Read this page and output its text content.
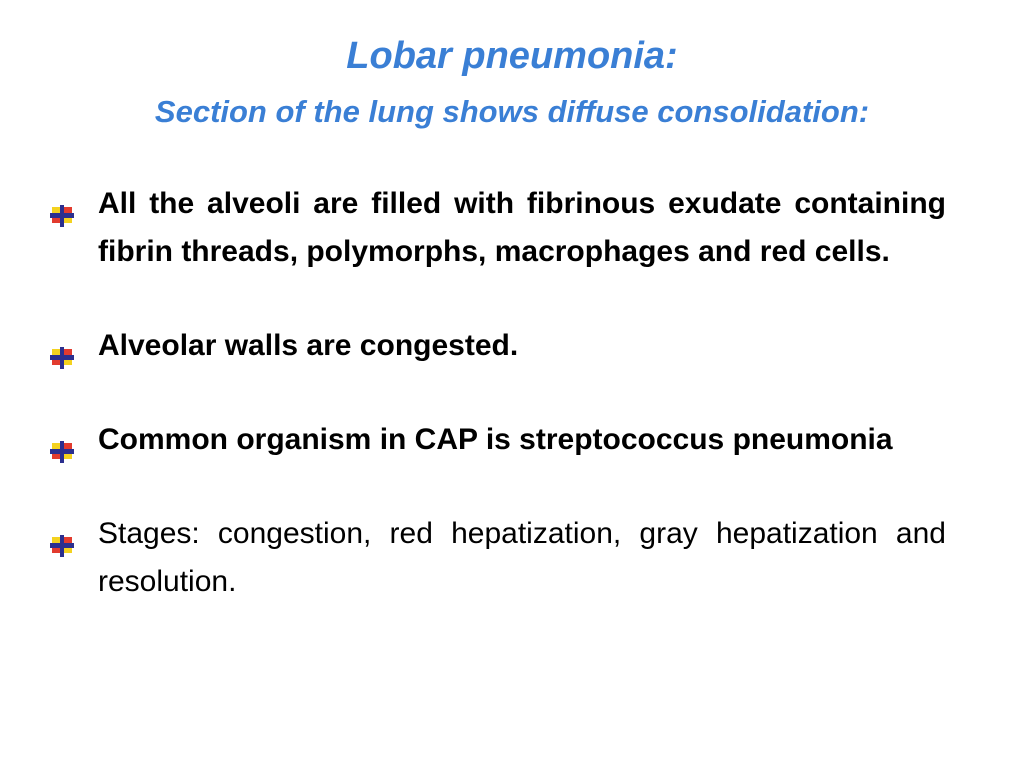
Lobar pneumonia:
Section of the lung shows diffuse consolidation:
All the alveoli are filled with fibrinous exudate containing fibrin threads, polymorphs, macrophages and red cells.
Alveolar walls are congested.
Common organism in CAP is streptococcus pneumonia
Stages: congestion, red hepatization, gray hepatization and resolution.
